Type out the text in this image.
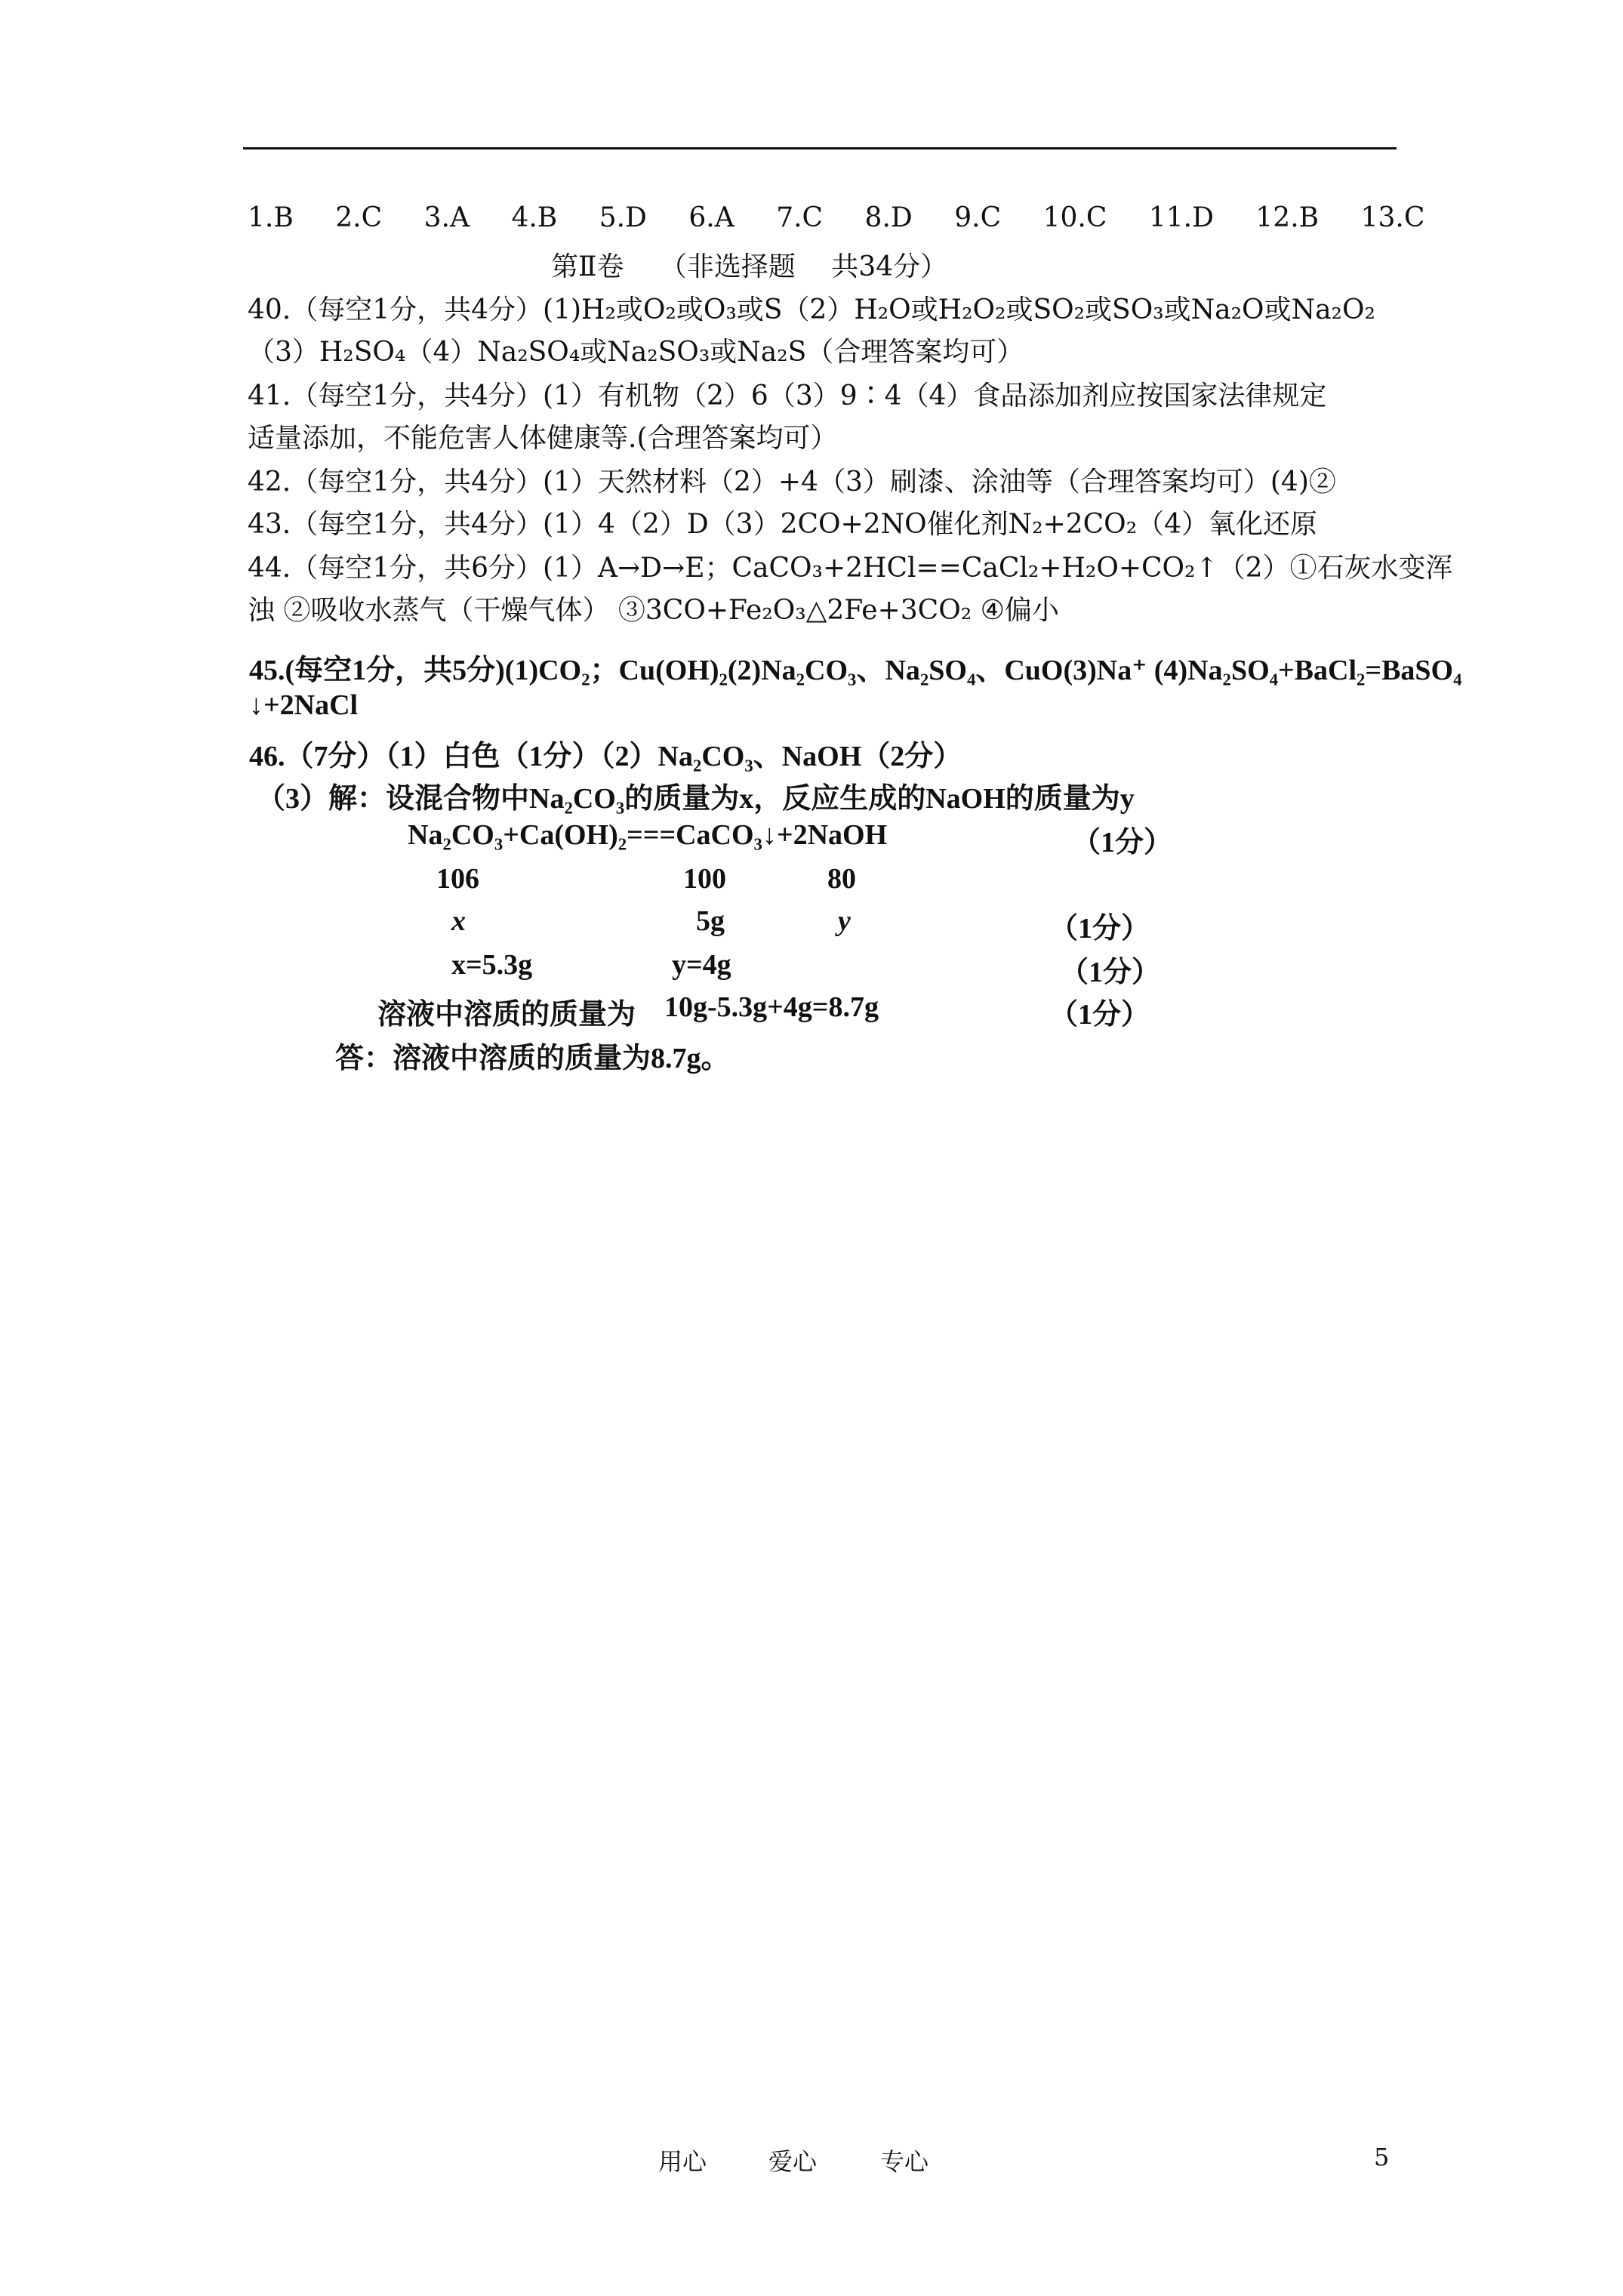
1.B 2.C 3.A 4.B 5.D 6.A 7.C 8.D 9.C 10.C 11.D 12.B 13.C
第Ⅱ卷　 （非选择题　 共34分）
40.（每空1分，共4分）(1)H₂或O₂或O₃或S（2）H₂O或H₂O₂或SO₂或SO₃或Na₂O或Na₂O₂
（3）H₂SO₄（4）Na₂SO₄或Na₂SO₃或Na₂S（合理答案均可）
41.（每空1分，共4分）(1）有机物（2）6（3）9∶4（4）食品添加剂应按国家法律规定
适量添加，不能危害人体健康等.(合理答案均可）
42.（每空1分，共4分）(1）天然材料（2）+4（3）刷漆、涂油等（合理答案均可）(4)②
43.（每空1分，共4分）(1）4（2）D（3）2CO+2NO催化剂N₂+2CO₂（4）氧化还原
44.（每空1分，共6分）(1）A→D→E；CaCO₃+2HCl==CaCl₂+H₂O+CO₂↑（2）①石灰水变浑
浊 ②吸收水蒸气（干燥气体） ③3CO+Fe₂O₃△2Fe+3CO₂ ④偏小
45.(每空1分，共5分)(1)CO₂；Cu(OH)₂(2)Na₂CO₃、Na₂SO₄、CuO(3)Na⁺ (4)Na₂SO₄+BaCl₂=BaSO₄
↓+2NaCl
46.（7分）（1）白色（1分）（2）Na₂CO₃、NaOH（2分）
（3）解：设混合物中Na₂CO₃的质量为x，反应生成的NaOH的质量为y
Na₂CO₃+Ca(OH)₂===CaCO₃↓+2NaOH	（1分）
106	100	80
x	5g	y	（1分）
x=5.3g	y=4g	（1分）
溶液中溶质的质量为 10g-5.3g+4g=8.7g	（1分）
答：溶液中溶质的质量为8.7g。
用心	爱心	专心	5
